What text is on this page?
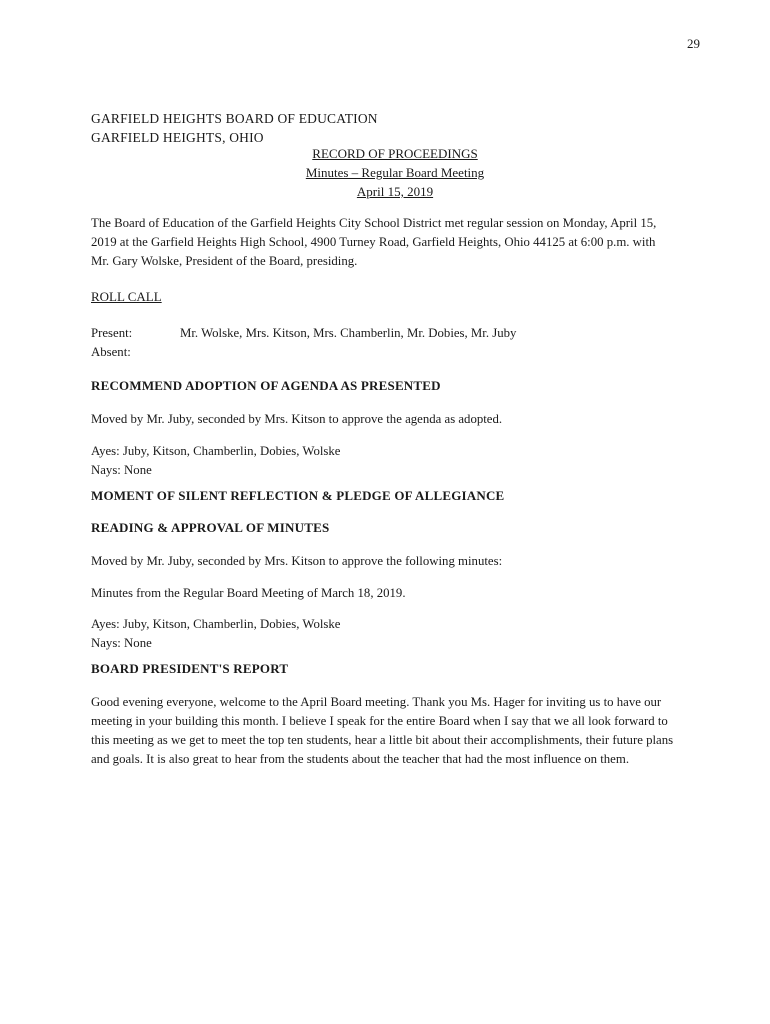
29
GARFIELD HEIGHTS BOARD OF EDUCATION
GARFIELD HEIGHTS, OHIO
RECORD OF PROCEEDINGS
Minutes – Regular Board Meeting
April 15, 2019
The Board of Education of the Garfield Heights City School District met regular session on Monday, April 15,
2019 at the Garfield Heights High School, 4900 Turney Road, Garfield Heights, Ohio 44125 at 6:00 p.m. with
Mr. Gary Wolske, President of the Board, presiding.
ROLL CALL
Present:	Mr. Wolske, Mrs. Kitson, Mrs. Chamberlin, Mr. Dobies, Mr. Juby
Absent:
RECOMMEND ADOPTION OF AGENDA AS PRESENTED
Moved by Mr. Juby, seconded by Mrs. Kitson to approve the agenda as adopted.
Ayes: Juby, Kitson, Chamberlin, Dobies, Wolske
Nays: None
MOMENT OF SILENT REFLECTION & PLEDGE OF ALLEGIANCE
READING & APPROVAL OF MINUTES
Moved by Mr. Juby, seconded by Mrs. Kitson to approve the following minutes:
Minutes from the Regular Board Meeting of March 18, 2019.
Ayes: Juby, Kitson, Chamberlin, Dobies, Wolske
Nays: None
BOARD PRESIDENT'S REPORT
Good evening everyone, welcome to the April Board meeting. Thank you Ms. Hager for inviting us to have our
meeting in your building this month. I believe I speak for the entire Board when I say that we all look forward to
this meeting as we get to meet the top ten students, hear a little bit about their accomplishments, their future plans
and goals. It is also great to hear from the students about the teacher that had the most influence on them.
